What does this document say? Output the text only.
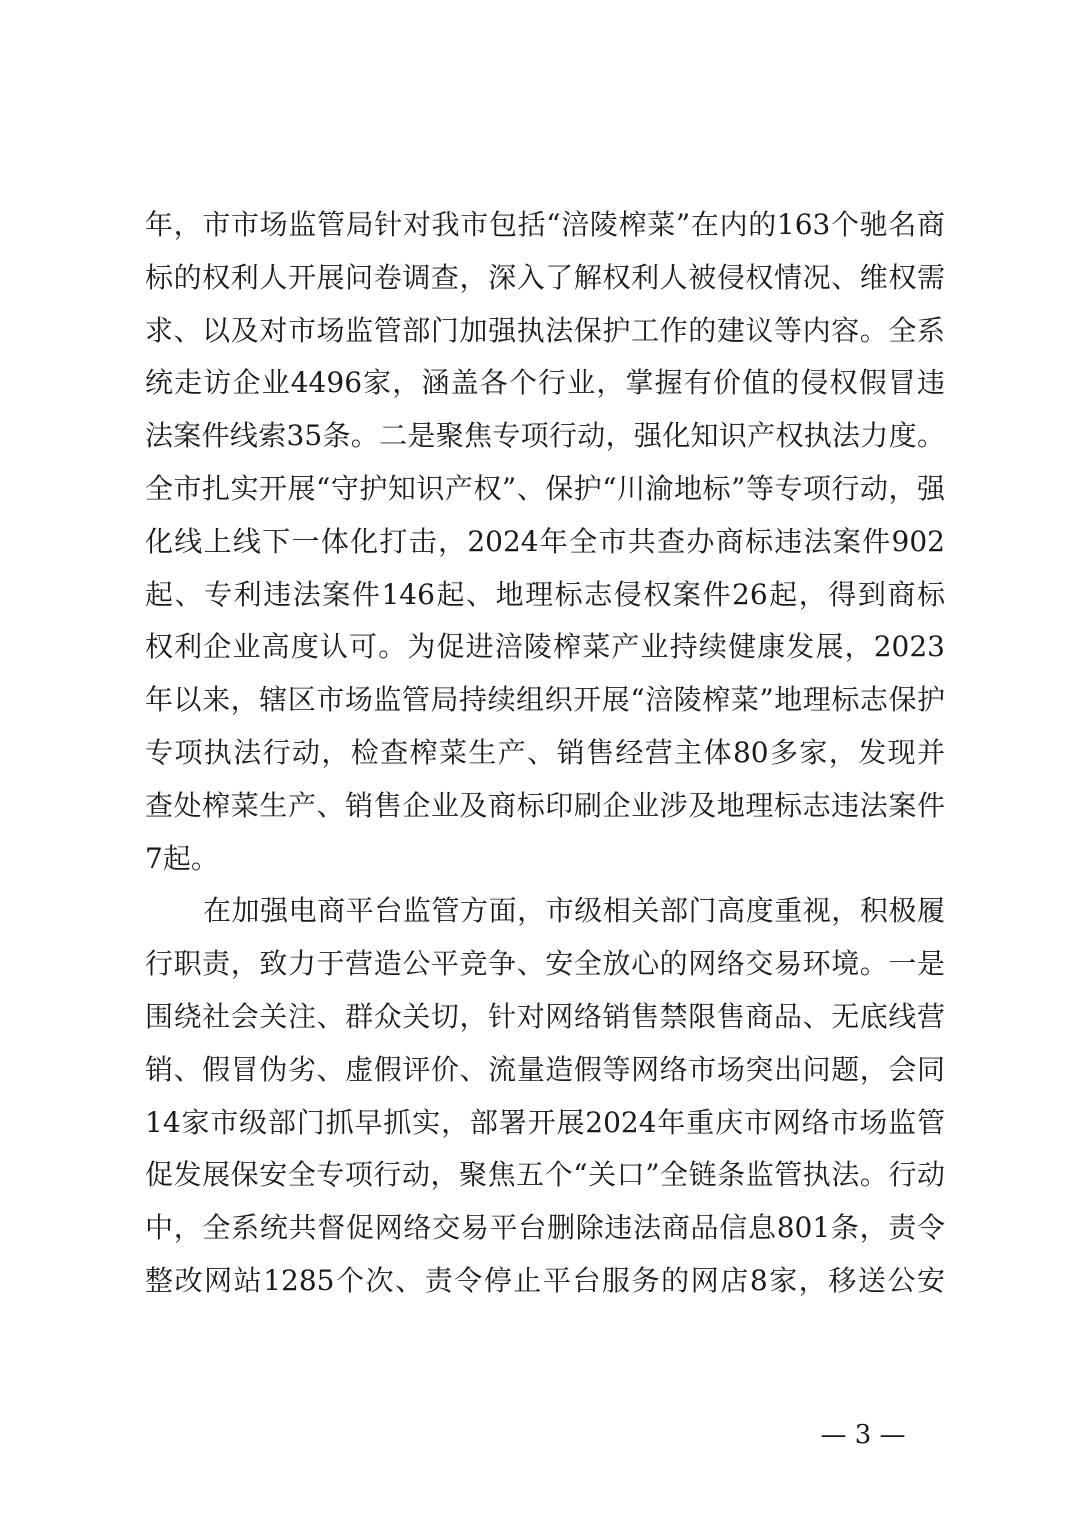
年，市市场监管局针对我市包括“涪陵榨菜”在内的163个驰名商
标的权利人开展问卷调查，深入了解权利人被侵权情况、维权需
求、以及对市场监管部门加强执法保护工作的建议等内容。全系
统走访企业4496家，涵盖各个行业，掌握有价值的侵权假冒违
法案件线索35条。二是聚焦专项行动，强化知识产权执法力度。
全市扎实开展“守护知识产权”、保护“川渝地标”等专项行动，强
化线上线下一体化打击，2024年全市共查办商标违法案件902
起、专利违法案件146起、地理标志侵权案件26起，得到商标
权利企业高度认可。为促进涪陵榨菜产业持续健康发展，2023
年以来，辖区市场监管局持续组织开展“涪陵榨菜”地理标志保护
专项执法行动，检查榨菜生产、销售经营主体80多家，发现并
查处榨菜生产、销售企业及商标印刷企业涉及地理标志违法案件
7起。
在加强电商平台监管方面，市级相关部门高度重视，积极履
行职责，致力于营造公平竞争、安全放心的网络交易环境。一是
围绕社会关注、群众关切，针对网络销售禁限售商品、无底线营
销、假冒伪劣、虚假评价、流量造假等网络市场突出问题，会同
14家市级部门抓早抓实，部署开展2024年重庆市网络市场监管
促发展保安全专项行动，聚焦五个“关口”全链条监管执法。行动
中，全系统共督促网络交易平台删除违法商品信息801条，责令
整改网站1285个次、责令停止平台服务的网店8家，移送公安
— 3 —
